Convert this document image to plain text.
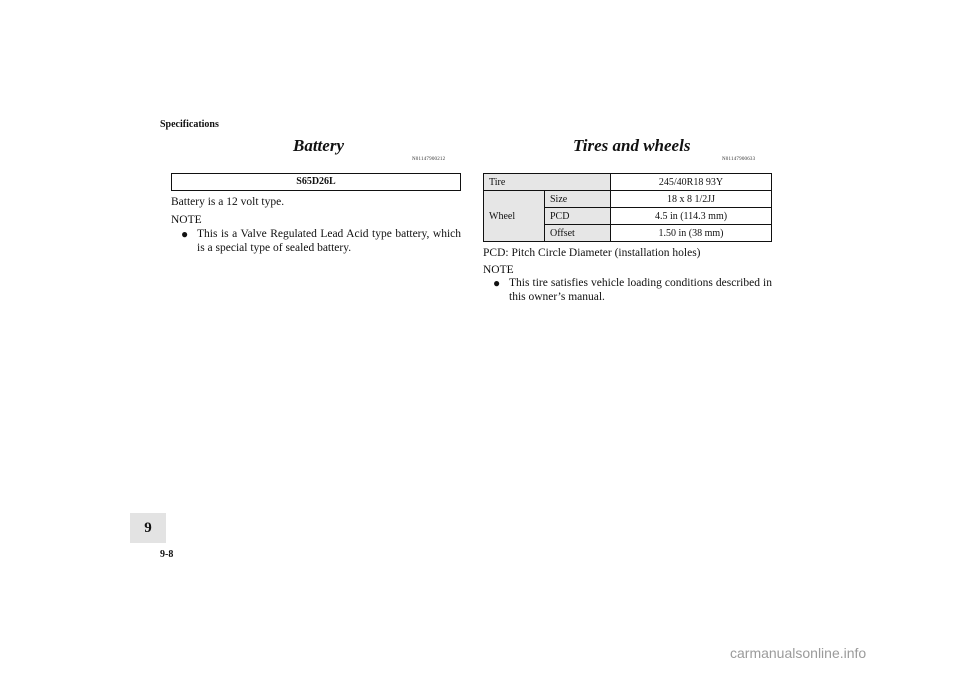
Specifications
Battery
N01147900212
S65D26L
Battery is a 12 volt type.
NOTE
● This is a Valve Regulated Lead Acid type battery, which is a special type of sealed battery.
Tires and wheels
N01147900633
Tire		245/40R18 93Y
Wheel	Size	18 x 8 1/2JJ
	PCD	4.5 in (114.3 mm)
	Offset	1.50 in (38 mm)
PCD: Pitch Circle Diameter (installation holes)
NOTE
● This tire satisfies vehicle loading conditions described in this owner’s manual.
9
9-8
carmanualsonline.info
